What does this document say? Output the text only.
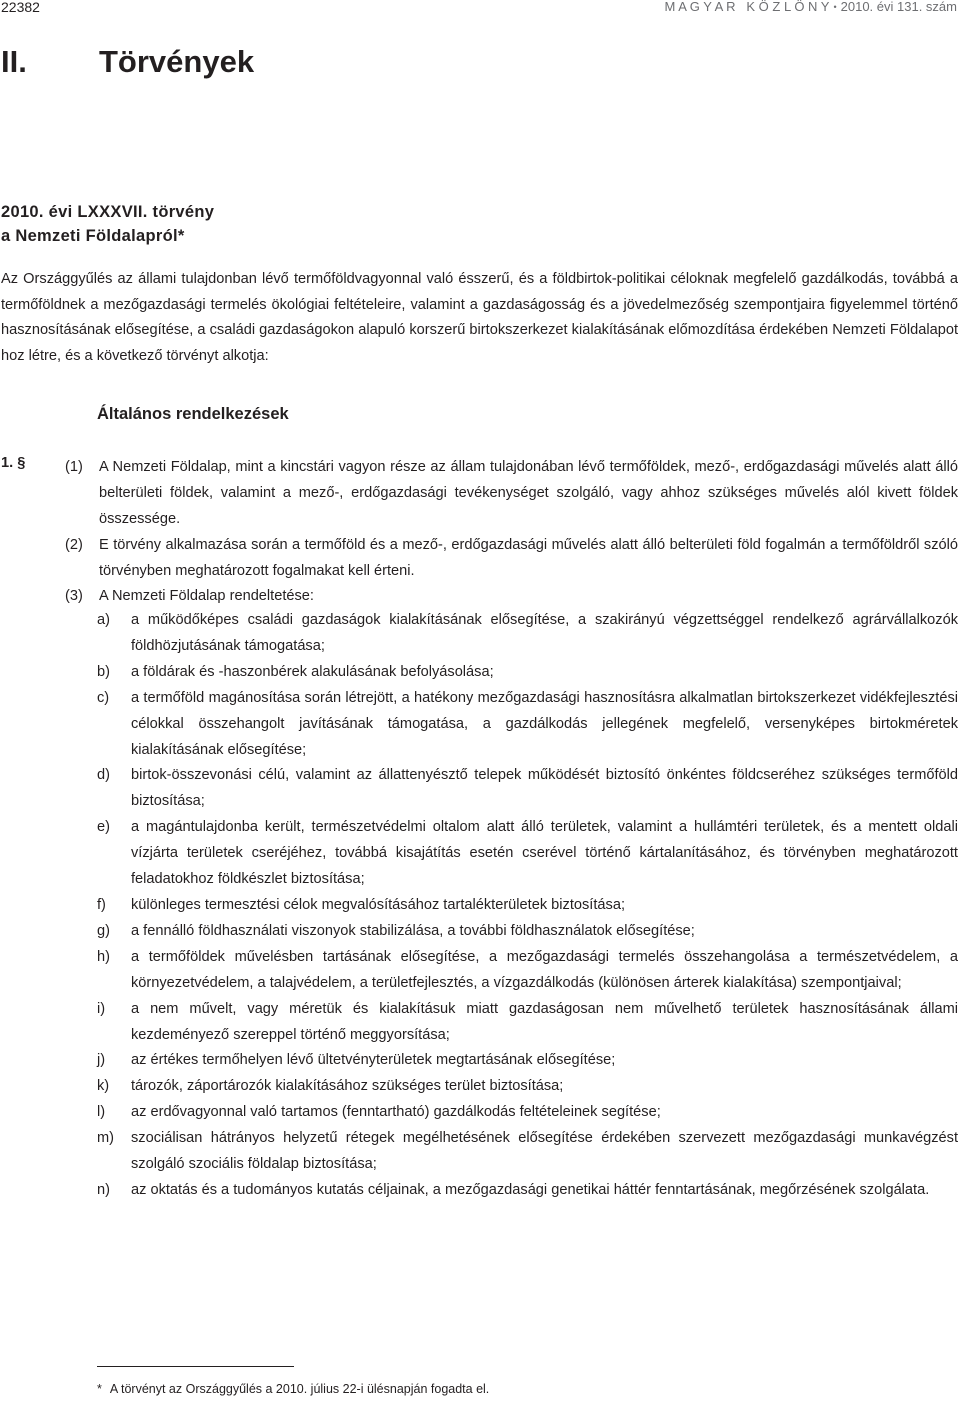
22382	M A G Y A R   K Ö Z L Ö N Y • 2010. évi 131. szám
II. Törvények
2010. évi LXXXVII. törvény
a Nemzeti Földalapról*
Az Országgyűlés az állami tulajdonban lévő termőföldvagyonnal való ésszerű, és a földbirtok-politikai céloknak megfelelő gazdálkodás, továbbá a termőföldnek a mezőgazdasági termelés ökológiai feltételeire, valamint a gazdaságosság és a jövedelmezőség szempontjaira figyelemmel történő hasznosításának elősegítése, a családi gazdaságokon alapuló korszerű birtokszerkezet kialakításának előmozdítása érdekében Nemzeti Földalapot hoz létre, és a következő törvényt alkotja:
Általános rendelkezések
1. §	(1) A Nemzeti Földalap, mint a kincstári vagyon része az állam tulajdonában lévő termőföldek, mező-, erdőgazdasági művelés alatt álló belterületi földek, valamint a mező-, erdőgazdasági tevékenységet szolgáló, vagy ahhoz szükséges művelés alól kivett földek összessége.
(2) E törvény alkalmazása során a termőföld és a mező-, erdőgazdasági művelés alatt álló belterületi föld fogalmán a termőföldről szóló törvényben meghatározott fogalmakat kell érteni.
(3) A Nemzeti Földalap rendeltetése:
a)	a működőképes családi gazdaságok kialakításának elősegítése, a szakirányú végzettséggel rendelkező agrárvállalkozók földhözjutásának támogatása;
b)	a földárak és -haszonbérek alakulásának befolyásolása;
c)	a termőföld magánosítása során létrejött, a hatékony mezőgazdasági hasznosításra alkalmatlan birtokszerkezet vidékfejlesztési célokkal összehangolt javításának támogatása, a gazdálkodás jellegének megfelelő, versenyképes birtokméretek kialakításának elősegítése;
d)	birtok-összevonási célú, valamint az állattenyésztő telepek működését biztosító önkéntes földcseréhez szükséges termőföld biztosítása;
e)	a magántulajdonba került, természetvédelmi oltalom alatt álló területek, valamint a hullámtéri területek, és a mentett oldali vízjárta területek cseréjéhez, továbbá kisajátítás esetén cserével történő kártalanításához, és törvényben meghatározott feladatokhoz földkészlet biztosítása;
f)	különleges termesztési célok megvalósításához tartalékterületek biztosítása;
g)	a fennálló földhasználati viszonyok stabilizálása, a további földhasználatok elősegítése;
h)	a termőföldek művelésben tartásának elősegítése, a mezőgazdasági termelés összehangolása a természetvédelem, a környezetvédelem, a talajvédelem, a területfejlesztés, a vízgazdálkodás (különösen árterek kialakítása) szempontjaival;
i)	a nem művelt, vagy méretük és kialakításuk miatt gazdaságosan nem művelhető területek hasznosításának állami kezdeményező szereppel történő meggyorsítása;
j)	az értékes termőhelyen lévő ültetvényterületek megtartásának elősegítése;
k)	tározók, záportározók kialakításához szükséges terület biztosítása;
l)	az erdővagyonnal való tartamos (fenntartható) gazdálkodás feltételeinek segítése;
m)	szociálisan hátrányos helyzetű rétegek megélhetésének elősegítése érdekében szervezett mezőgazdasági munkavégzést szolgáló szociális földalap biztosítása;
n)	az oktatás és a tudományos kutatás céljainak, a mezőgazdasági genetikai háttér fenntartásának, megőrzésének szolgálata.
* A törvényt az Országgyűlés a 2010. július 22-i ülésnapján fogadta el.
